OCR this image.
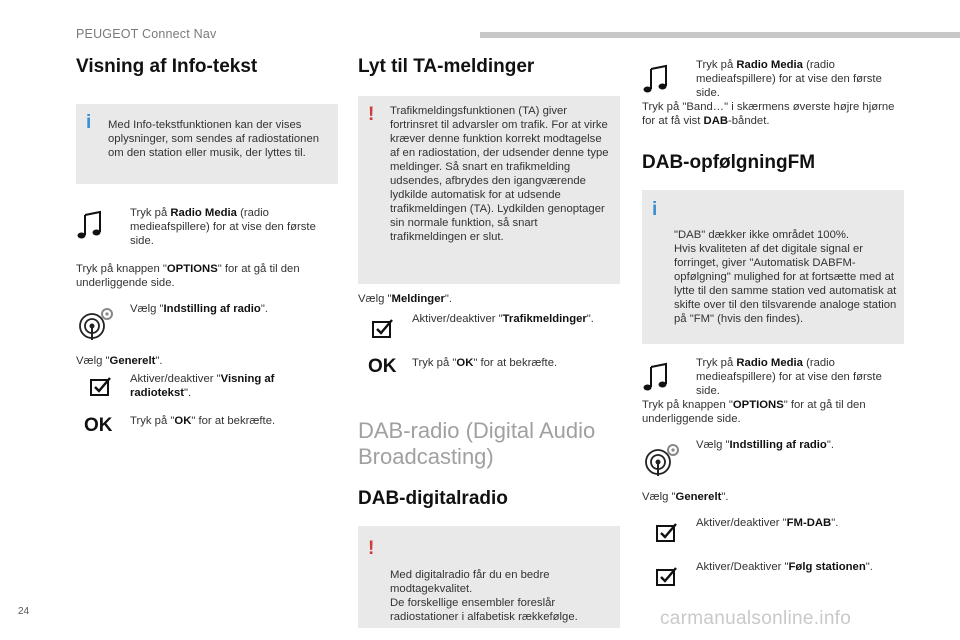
PEUGEOT Connect Nav
Visning af Info-tekst
i	Med Info-tekstfunktionen kan der vises oplysninger, som sendes af radiostationen om den station eller musik, der lyttes til.
Tryk på Radio Media (radio medieafspillere) for at vise den første side.
Tryk på knappen "OPTIONS" for at gå til den underliggende side.
Vælg "Indstilling af radio".
Vælg "Generelt".
Aktiver/deaktiver "Visning af radiotekst".
OK Tryk på "OK" for at bekræfte.
Lyt til TA-meldinger
!	Trafikmeldingsfunktionen (TA) giver fortrinsret til advarsler om trafik. For at virke kræver denne funktion korrekt modtagelse af en radiostation, der udsender denne type meldinger. Så snart en trafikmelding udsendes, afbrydes den igangværende lydkilde automatisk for at udsende trafikmeldingen (TA). Lydkilden genoptager sin normale funktion, så snart trafikmeldingen er slut.
Vælg "Meldinger".
Aktiver/deaktiver "Trafikmeldinger".
OK Tryk på "OK" for at bekræfte.
DAB-radio (Digital Audio Broadcasting)
DAB-digitalradio

!

Med digitalradio får du en bedre modtagekvalitet.
De forskellige ensembler foreslår radiostationer i alfabetisk rækkefølge.

Tryk på Radio Media (radio medieafspillere) for at vise den første side.
Tryk på "Band…" i skærmens øverste højre hjørne for at få vist DAB-båndet.
DAB-opfølgningFM

i

"DAB" dækker ikke området 100%.
Hvis kvaliteten af det digitale signal er forringet, giver "Automatisk DABFM-opfølgning" mulighed for at fortsætte med at lytte til den samme station ved automatisk at skifte over til den tilsvarende analoge station på "FM" (hvis den findes).

Tryk på Radio Media (radio medieafspillere) for at vise den første side.
Tryk på knappen "OPTIONS" for at gå til den underliggende side.
Vælg "Indstilling af radio".
Vælg "Generelt".
Aktiver/deaktiver "FM-DAB".
Aktiver/Deaktiver "Følg stationen".
24	carmanualsonline.info
